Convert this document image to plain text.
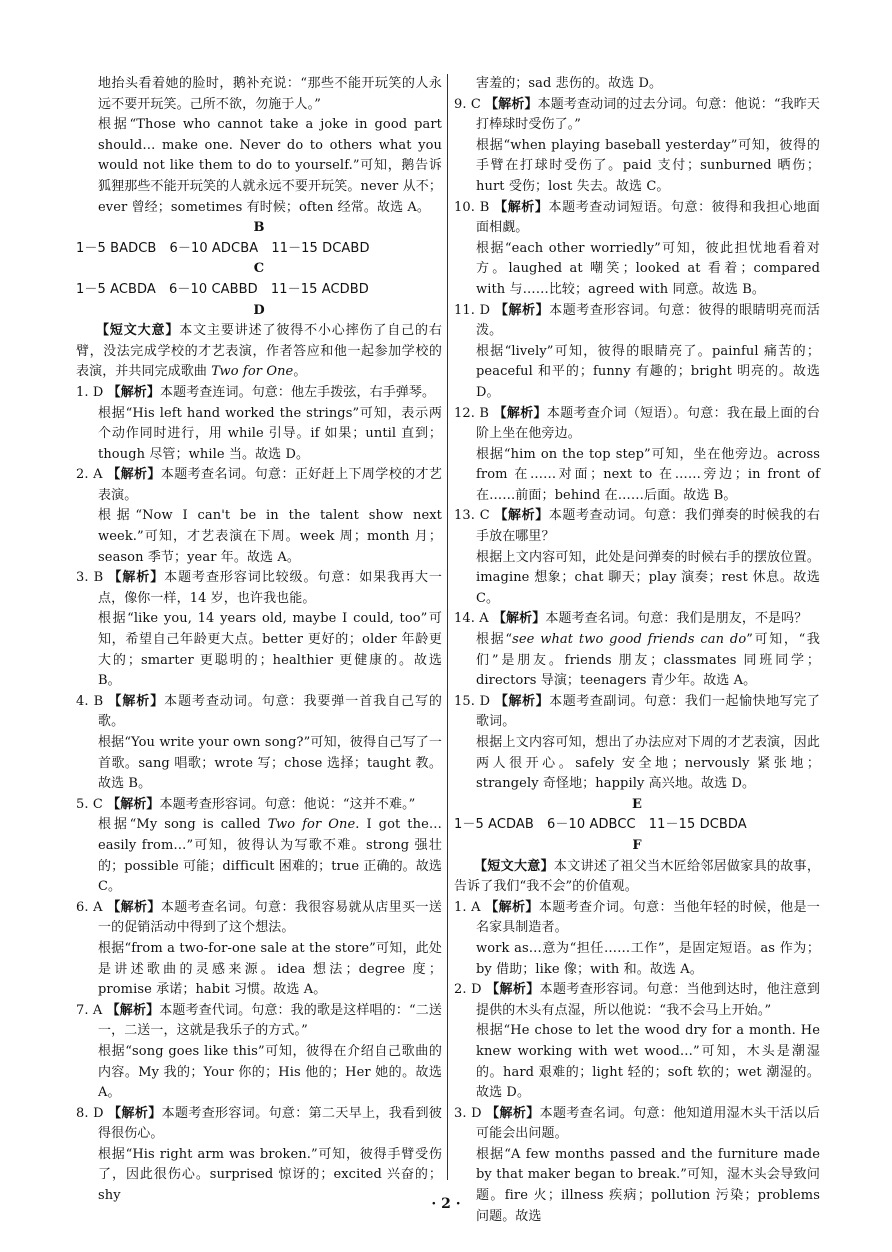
地抬头看着她的脸时，鹅补充说：“那些不能开玩笑的人永远不要开玩笑。己所不欲，勿施于人。”

根据“Those who cannot take a joke in good part should… make one. Never do to others what you would not like them to do to yourself.”可知，鹅告诉狐狸那些不能开玩笑的人就永远不要开玩笑。never 从不；ever 曾经；sometimes 有时候；often 经常。故选 A。

B

1－5 BADCB　6－10 ADCBA　11－15 DCABD

C

1－5 ACBDA　6－10 CABBD　11－15 ACDBD

D

【短文大意】本文主要讲述了彼得不小心摔伤了自己的右臂，没法完成学校的才艺表演，作者答应和他一起参加学校的表演，并共同完成歌曲 Two for One。

1. D 【解析】本题考查连词。句意：他左手拨弦，右手弹琴。

根据“His left hand worked the strings”可知，表示两个动作同时进行，用 while 引导。if 如果；until 直到；though 尽管；while 当。故选 D。

2. A 【解析】本题考查名词。句意：正好赶上下周学校的才艺表演。

根据“Now I can't be in the talent show next week.”可知，才艺表演在下周。week 周；month 月；season 季节；year 年。故选 A。

3. B 【解析】本题考查形容词比较级。句意：如果我再大一点，像你一样，14 岁，也许我也能。

根据“like you, 14 years old, maybe I could, too”可知，希望自己年龄更大点。better 更好的；older 年龄更大的；smarter 更聪明的；healthier 更健康的。故选 B。

4. B 【解析】本题考查动词。句意：我要弹一首我自己写的歌。

根据“You write your own song?”可知，彼得自己写了一首歌。sang 唱歌；wrote 写；chose 选择；taught 教。故选 B。

5. C 【解析】本题考查形容词。句意：他说：“这并不难。”

根据“My song is called Two for One. I got the… easily from…”可知，彼得认为写歌不难。strong 强壮的；possible 可能；difficult 困难的；true 正确的。故选 C。

6. A 【解析】本题考查名词。句意：我很容易就从店里买一送一的促销活动中得到了这个想法。

根据“from a two-for-one sale at the store”可知，此处是讲述歌曲的灵感来源。idea 想法；degree 度；promise 承诺；habit 习惯。故选 A。

7. A 【解析】本题考查代词。句意：我的歌是这样唱的：“二送一，二送一，这就是我乐子的方式。”

根据“song goes like this”可知，彼得在介绍自己歌曲的内容。My 我的；Your 你的；His 他的；Her 她的。故选 A。

8. D 【解析】本题考查形容词。句意：第二天早上，我看到彼得很伤心。

根据“His right arm was broken.”可知，彼得手臂受伤了，因此很伤心。surprised 惊讶的；excited 兴奋的；shy

害羞的；sad 悲伤的。故选 D。

9. C 【解析】本题考查动词的过去分词。句意：他说：“我昨天打棒球时受伤了。”

根据“when playing baseball yesterday”可知，彼得的手臂在打球时受伤了。paid 支付；sunburned 晒伤；hurt 受伤；lost 失去。故选 C。

10. B 【解析】本题考查动词短语。句意：彼得和我担心地面面相觑。

根据“each other worriedly”可知，彼此担忧地看着对方。laughed at 嘲笑；looked at 看着；compared with 与……比较；agreed with 同意。故选 B。

11. D 【解析】本题考查形容词。句意：彼得的眼睛明亮而活泼。

根据“lively”可知，彼得的眼睛亮了。painful 痛苦的；peaceful 和平的；funny 有趣的；bright 明亮的。故选 D。

12. B 【解析】本题考查介词（短语）。句意：我在最上面的台阶上坐在他旁边。

根据“him on the top step”可知，坐在他旁边。across from 在……对面；next to 在……旁边；in front of 在……前面；behind 在……后面。故选 B。

13. C 【解析】本题考查动词。句意：我们弹奏的时候我的右手放在哪里？

根据上文内容可知，此处是问弹奏的时候右手的摆放位置。imagine 想象；chat 聊天；play 演奏；rest 休息。故选 C。

14. A 【解析】本题考查名词。句意：我们是朋友，不是吗？

根据“see what two good friends can do”可知，“我们”是朋友。friends 朋友；classmates 同班同学；directors 导演；teenagers 青少年。故选 A。

15. D 【解析】本题考查副词。句意：我们一起愉快地写完了歌词。

根据上文内容可知，想出了办法应对下周的才艺表演，因此两人很开心。safely 安全地；nervously 紧张地；strangely 奇怪地；happily 高兴地。故选 D。

E

1－5 ACDAB　6－10 ADBCC　11－15 DCBDA

F

【短文大意】本文讲述了祖父当木匠给邻居做家具的故事，告诉了我们“我不会”的价值观。

1. A 【解析】本题考查介词。句意：当他年轻的时候，他是一名家具制造者。

work as…意为“担任……工作”，是固定短语。as 作为；by 借助；like 像；with 和。故选 A。

2. D 【解析】本题考查形容词。句意：当他到达时，他注意到提供的木头有点湿，所以他说：“我不会马上开始。”

根据“He chose to let the wood dry for a month. He knew working with wet wood…”可知，木头是潮湿的。hard 艰难的；light 轻的；soft 软的；wet 潮湿的。故选 D。

3. D 【解析】本题考查名词。句意：他知道用湿木头干活以后可能会出问题。

根据“A few months passed and the furniture made by that maker began to break.”可知，湿木头会导致问题。fire 火；illness 疾病；pollution 污染；problems 问题。故选

· 2 ·
